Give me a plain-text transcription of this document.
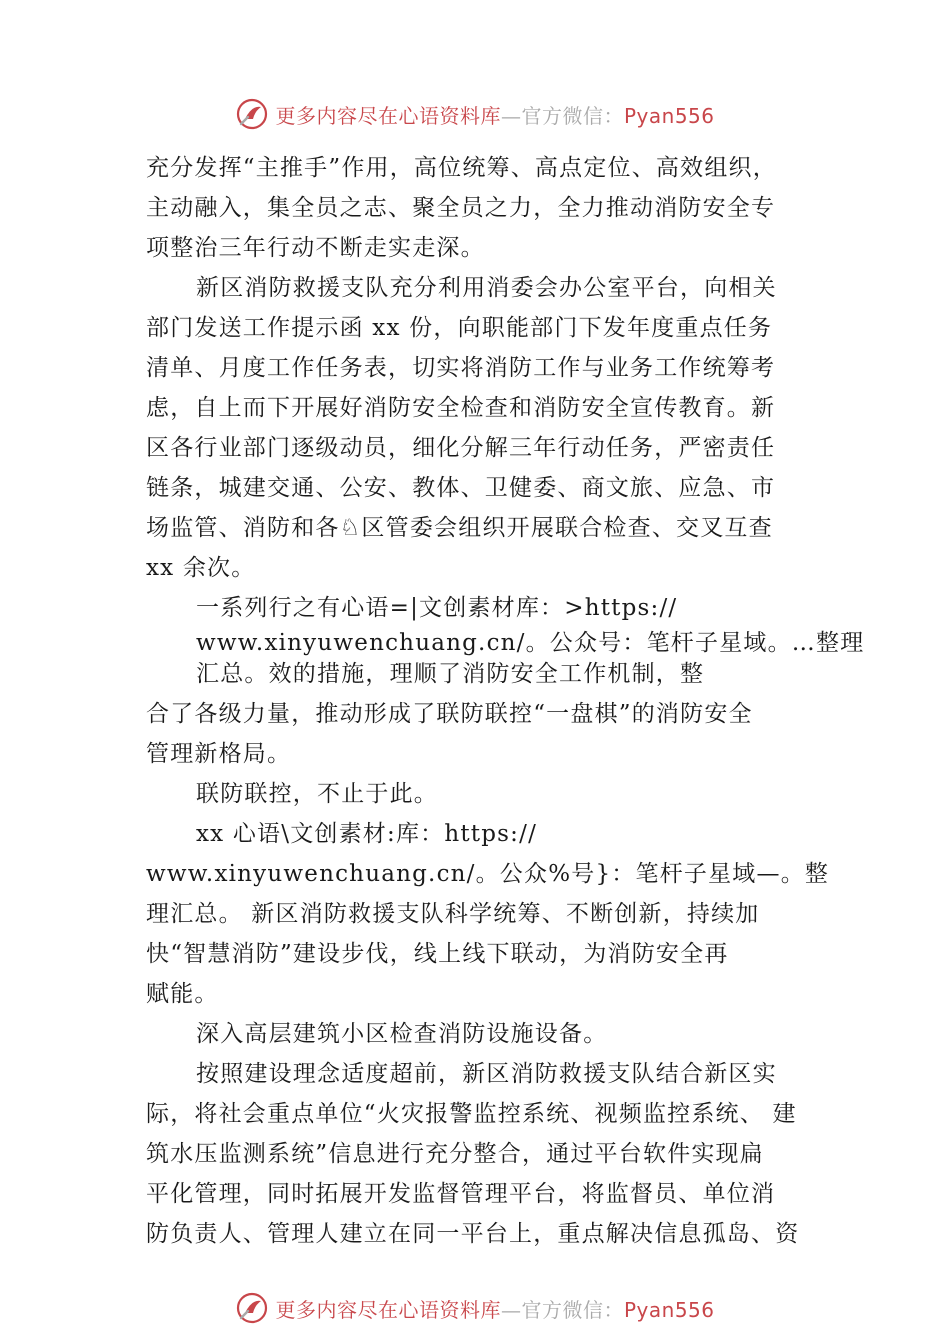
更多内容尽在心语资料库—官方微信：Pyan556
充分发挥“主推手”作用，高位统筹、高点定位、高效组织，
主动融入，集全员之志、聚全员之力，全力推动消防安全专
项整治三年行动不断走实走深。
新区消防救援支队充分利用消委会办公室平台，向相关
部门发送工作提示函 xx 份，向职能部门下发年度重点任务
清单、月度工作任务表，切实将消防工作与业务工作统筹考
虑，自上而下开展好消防安全检查和消防安全宣传教育。新
区各行业部门逐级动员，细化分解三年行动任务，严密责任
链条，城建交通、公安、教体、卫健委、商文旅、应急、市
场监管、消防和各♘区管委会组织开展联合检查、交叉互查
xx 余次。
一系列行之有心语=|文创素材库：>https://
www.xinyuwenchuang.cn/。公众号：笔杆子星域。…整理
汇总。效的措施，理顺了消防安全工作机制，整
合了各级力量，推动形成了联防联控“一盘棋”的消防安全
管理新格局。
联防联控，不止于此。
xx 心语\文创素材:库：https://
www.xinyuwenchuang.cn/。公众%号}：笔杆子星域—。整
理汇总。 新区消防救援支队科学统筹、不断创新，持续加
快“智慧消防”建设步伐，线上线下联动，为消防安全再
赋能。
深入高层建筑小区检查消防设施设备。
按照建设理念适度超前，新区消防救援支队结合新区实
际，将社会重点单位“火灾报警监控系统、视频监控系统、 建
筑水压监测系统”信息进行充分整合，通过平台软件实现扁
平化管理，同时拓展开发监督管理平台，将监督员、单位消
防负责人、管理人建立在同一平台上，重点解决信息孤岛、资
更多内容尽在心语资料库—官方微信：Pyan556
